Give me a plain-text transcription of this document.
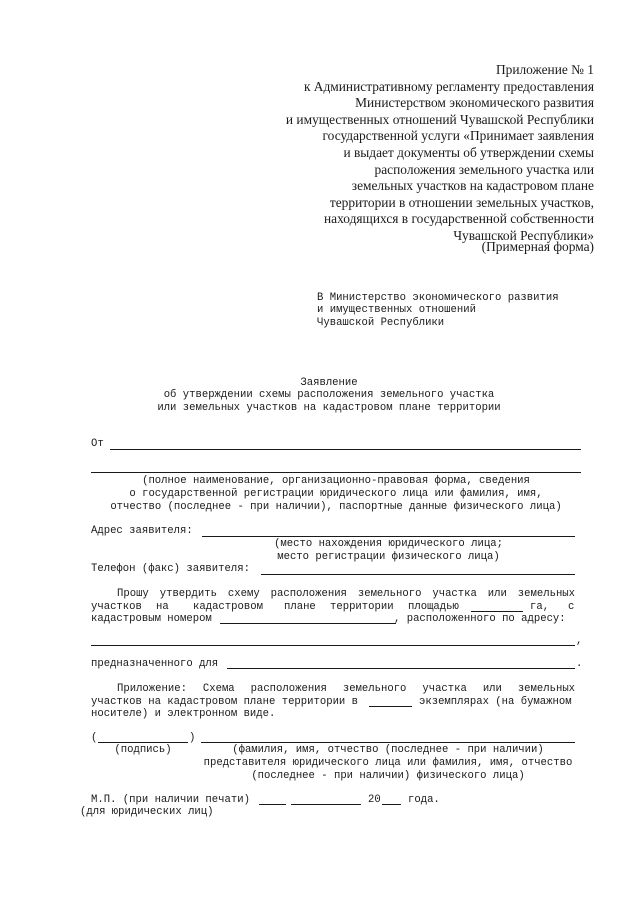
Приложение № 1
к Административному регламенту предоставления
Министерством экономического развития
и имущественных отношений Чувашской Республики
государственной услуги «Принимает заявления
и выдает документы об утверждении схемы
расположения земельного участка или
земельных участков на кадастровом плане
территории в отношении земельных участков,
находящихся в государственной собственности
Чувашской Республики»
(Примерная форма)
В Министерство экономического развития
и имущественных отношений
Чувашской Республики
Заявление
об утверждении схемы расположения земельного участка
или земельных участков на кадастровом плане территории
От
(полное наименование, организационно-правовая форма, сведения
о государственной регистрации юридического лица или фамилия, имя,
отчество (последнее - при наличии), паспортные данные физического лица)
Адрес заявителя:
(место нахождения юридического лица;
место регистрации физического лица)
Телефон (факс) заявителя:
Прошу утвердить схему расположения земельного участка или земельных
участков на кадастровом плане территории площадью	га, с
кадастровым номером	, расположенного по адресу:
,
предназначенного для	.
Приложение: Схема расположения земельного участка или земельных
участков на кадастровом плане территории в	экземплярах (на бумажном
носителе) и электронном виде.
(	)
(подпись)	(фамилия, имя, отчество (последнее - при наличии)
представителя юридического лица или фамилия, имя, отчество
(последнее - при наличии) физического лица)
М.П. (при наличии печати)	20	года.
(для юридических лиц)
